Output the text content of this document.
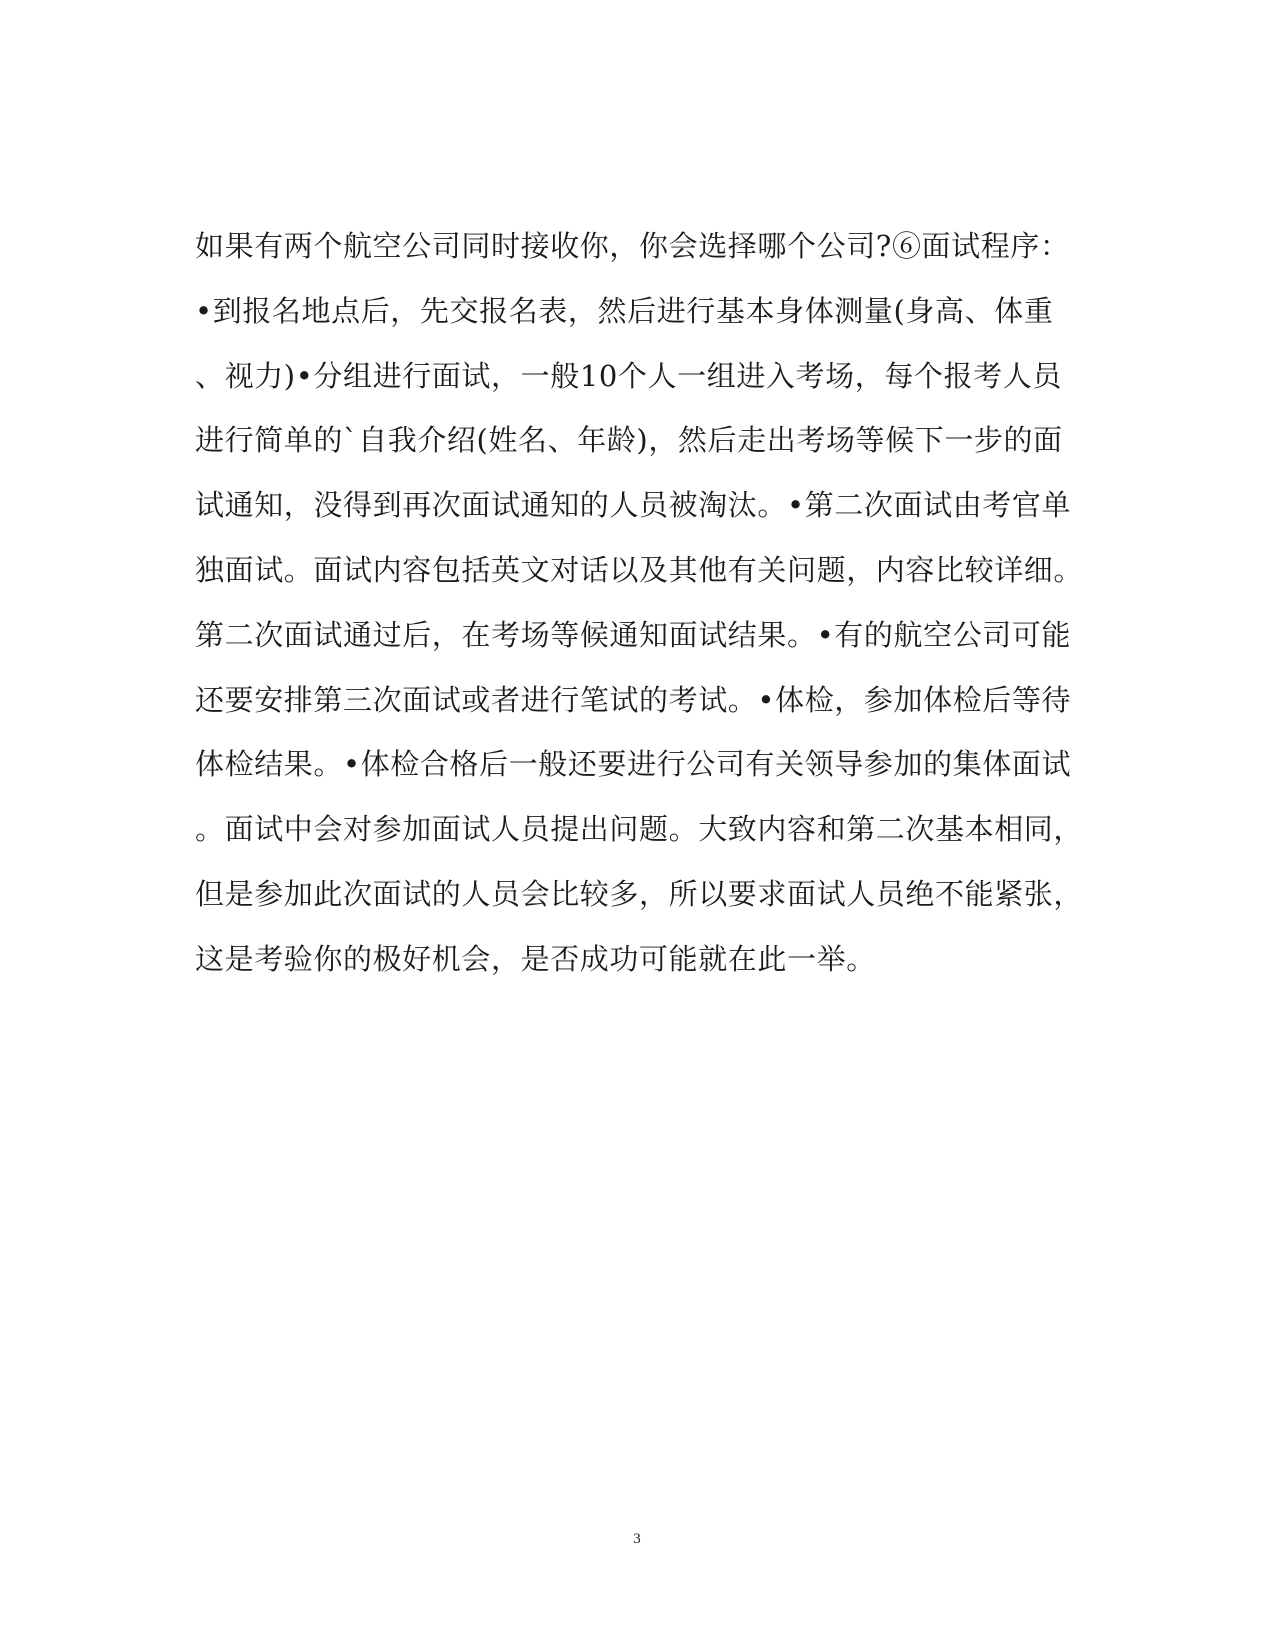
如果有两个航空公司同时接收你，你会选择哪个公司?⑥面试程序：
•到报名地点后，先交报名表，然后进行基本身体测量(身高、体重
、视力)•分组进行面试，一般10个人一组进入考场，每个报考人员
进行简单的`自我介绍(姓名、年龄)，然后走出考场等候下一步的面
试通知，没得到再次面试通知的人员被淘汰。•第二次面试由考官单
独面试。面试内容包括英文对话以及其他有关问题，内容比较详细。
第二次面试通过后，在考场等候通知面试结果。•有的航空公司可能
还要安排第三次面试或者进行笔试的考试。•体检，参加体检后等待
体检结果。•体检合格后一般还要进行公司有关领导参加的集体面试
。面试中会对参加面试人员提出问题。大致内容和第二次基本相同，
但是参加此次面试的人员会比较多，所以要求面试人员绝不能紧张，
这是考验你的极好机会，是否成功可能就在此一举。
3
